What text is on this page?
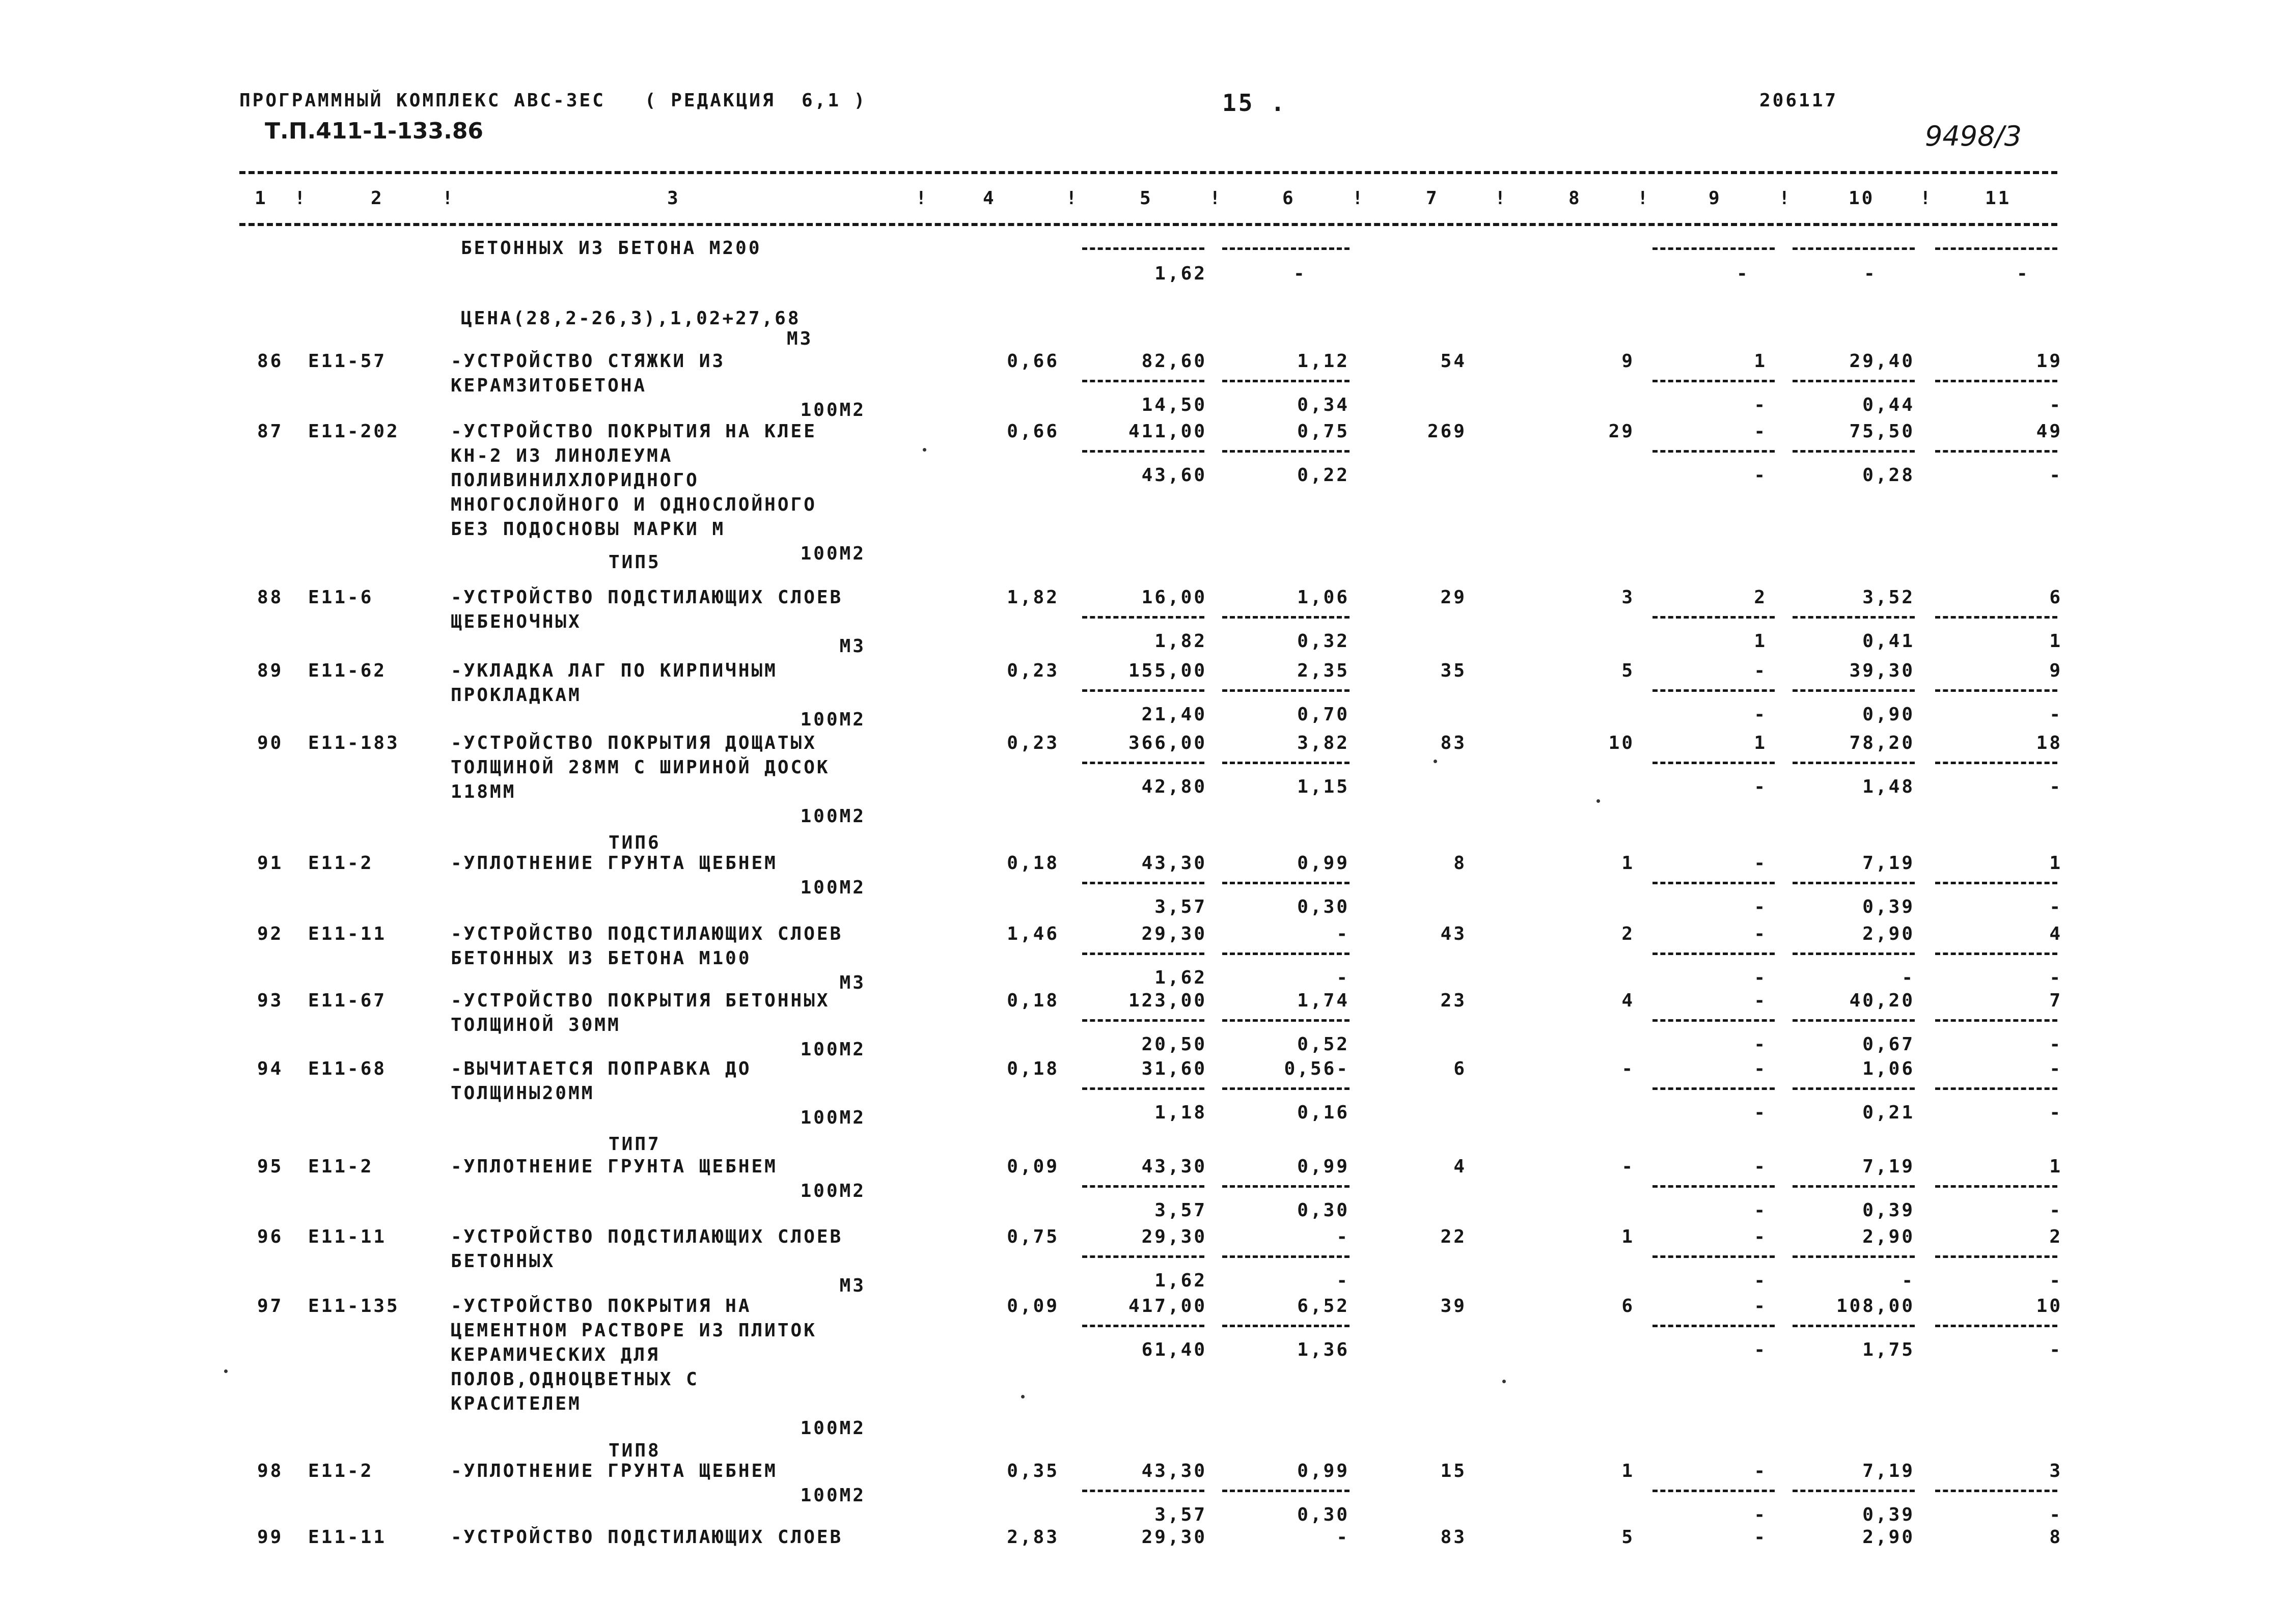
ПРОГРАММНЫЙ КОМПЛЕКС АВС-ЗЕС   ( РЕДАКЦИЯ  6,1 )	15 .	206117
Т.П.411-1-133.86	9498/3
1	2	3	4	5	6	7	8	9	10	11
!	!	!	!	!	!	!	!	!	!
БЕТОННЫХ ИЗ БЕТОНА М200
1,62	-	-	-	-
ЦЕНА(28,2-26,3),1,02+27,68
М3
86 Е11-57	-УСТРОЙСТВО СТЯЖКИ ИЗ
КЕРАМЗИТОБЕТОНА
100М2
0,66	82,60	1,12	54	9	1	29,40	19
14,50	0,34	-	0,44	-
87 Е11-202	-УСТРОЙСТВО ПОКРЫТИЯ НА КЛЕЕ
КН-2 ИЗ ЛИНОЛЕУМА
ПОЛИВИНИЛХЛОРИДНОГО
МНОГОСЛОЙНОГО И ОДНОСЛОЙНОГО
БЕЗ ПОДОСНОВЫ МАРКИ М
100М2
0,66	411,00	0,75	269	29	-	75,50	49
43,60	0,22	-	0,28	-
ТИП5
88 Е11-6	-УСТРОЙСТВО ПОДСТИЛАЮЩИХ СЛОЕВ
ЩЕБЕНОЧНЫХ
М3
1,82	16,00	1,06	29	3	2	3,52	6
1,82	0,32	1	0,41	1
89 Е11-62	-УКЛАДКА ЛАГ ПО КИРПИЧНЫМ
ПРОКЛАДКАМ
100М2
0,23	155,00	2,35	35	5	-	39,30	9
21,40	0,70	-	0,90	-
90 Е11-183	-УСТРОЙСТВО ПОКРЫТИЯ ДОЩАТЫХ
ТОЛЩИНОЙ 28ММ С ШИРИНОЙ ДОСОК
118ММ
100М2
0,23	366,00	3,82	83	10	1	78,20	18
42,80	1,15	-	1,48	-
ТИП6
91 Е11-2	-УПЛОТНЕНИЕ ГРУНТА ЩЕБНЕМ
100М2
0,18	43,30	0,99	8	1	-	7,19	1
3,57	0,30	-	0,39	-
92 Е11-11	-УСТРОЙСТВО ПОДСТИЛАЮЩИХ СЛОЕВ
БЕТОННЫХ ИЗ БЕТОНА М100
М3
1,46	29,30	-	43	2	-	2,90	4
1,62	-	-	-	-
93 Е11-67	-УСТРОЙСТВО ПОКРЫТИЯ БЕТОННЫХ
ТОЛЩИНОЙ 30ММ
100М2
0,18	123,00	1,74	23	4	-	40,20	7
20,50	0,52	-	0,67	-
94 Е11-68	-ВЫЧИТАЕТСЯ ПОПРАВКА ДО
ТОЛЩИНЫ20ММ
100М2
0,18	31,60	0,56-	6	-	-	1,06	-
1,18	0,16	-	0,21	-
ТИП7
95 Е11-2	-УПЛОТНЕНИЕ ГРУНТА ЩЕБНЕМ
100М2
0,09	43,30	0,99	4	-	-	7,19	1
3,57	0,30	-	0,39	-
96 Е11-11	-УСТРОЙСТВО ПОДСТИЛАЮЩИХ СЛОЕВ
БЕТОННЫХ
М3
0,75	29,30	-	22	1	-	2,90	2
1,62	-	-	-	-
97 Е11-135	-УСТРОЙСТВО ПОКРЫТИЯ НА
ЦЕМЕНТНОМ РАСТВОРЕ ИЗ ПЛИТОК
КЕРАМИЧЕСКИХ ДЛЯ
ПОЛОВ,ОДНОЦВЕТНЫХ С
КРАСИТЕЛЕМ
100М2
0,09	417,00	6,52	39	6	-	108,00	10
61,40	1,36	-	1,75	-
ТИП8
98 Е11-2	-УПЛОТНЕНИЕ ГРУНТА ЩЕБНЕМ
100М2
0,35	43,30	0,99	15	1	-	7,19	3
3,57	0,30	-	0,39	-
99 Е11-11	-УСТРОЙСТВО ПОДСТИЛАЮЩИХ СЛОЕВ	2,83	29,30	-	83	5	-	2,90	8
